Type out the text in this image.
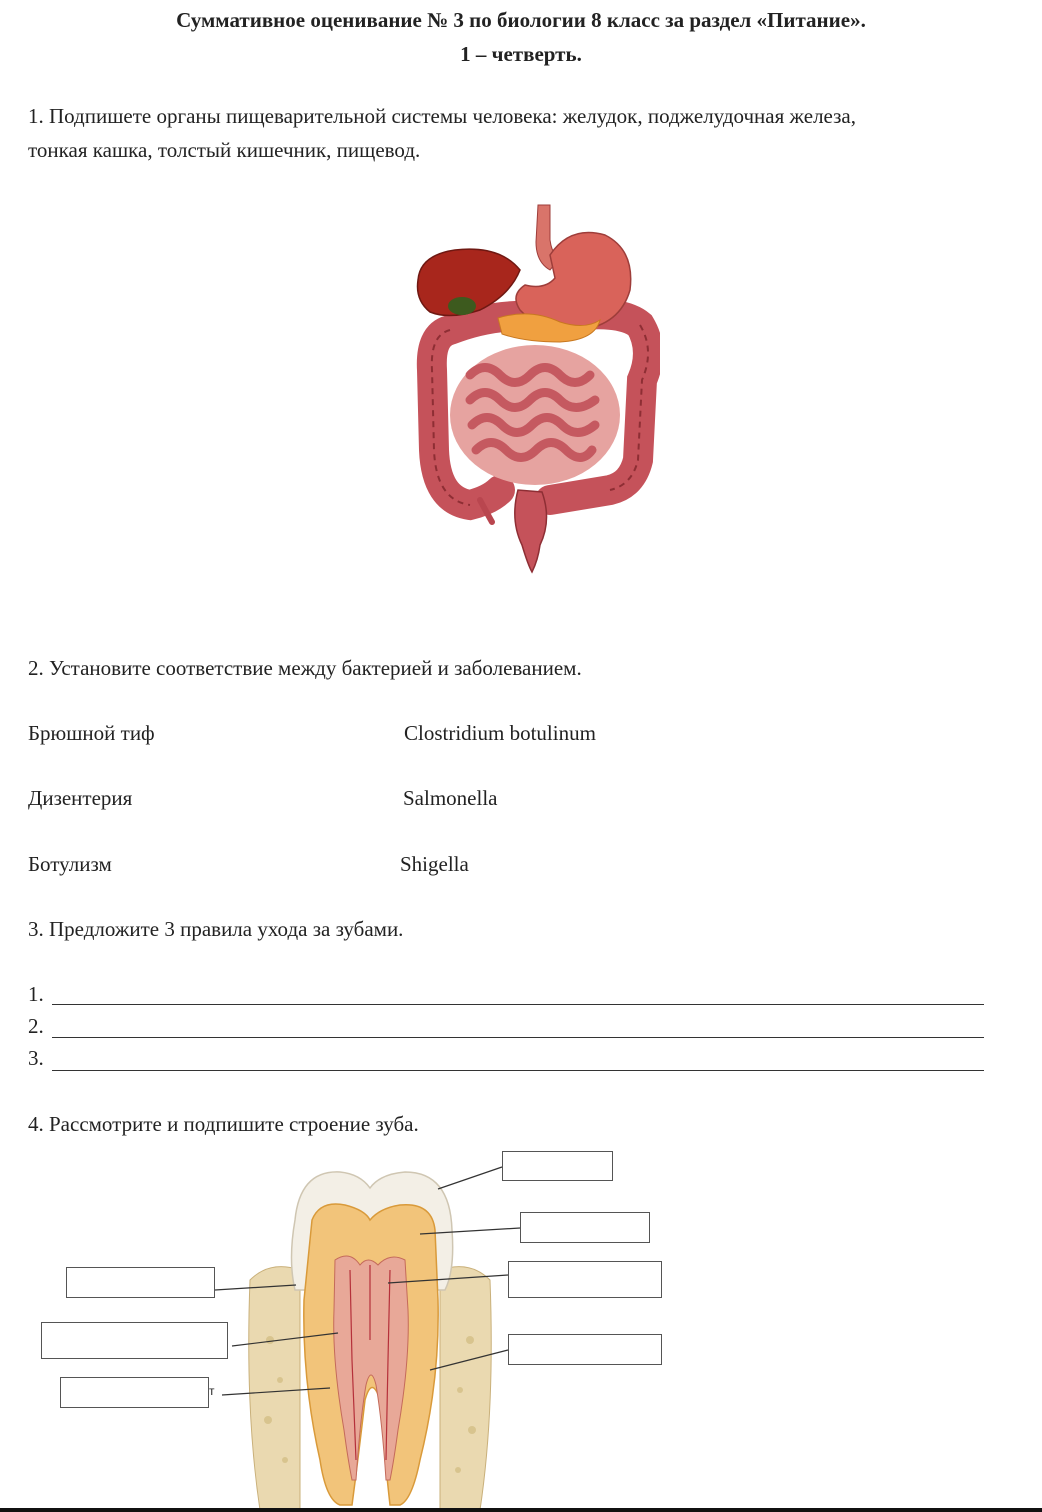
Суммативное оценивание № 3 по биологии 8 класс за раздел «Питание».
1 – четверть.
1. Подпишете органы пищеварительной системы человека: желудок, поджелудочная железа,
тонкая кашка, толстый кишечник, пищевод.
2. Установите соответствие между бактерией и заболеванием.
Брюшной тиф	Clostridium botulinum
Дизентерия	Salmonella
Ботулизм	Shigella
3. Предложите 3 правила ухода за зубами.
1.
2.
3.
4. Рассмотрите и подпишите строение зуба.
т
